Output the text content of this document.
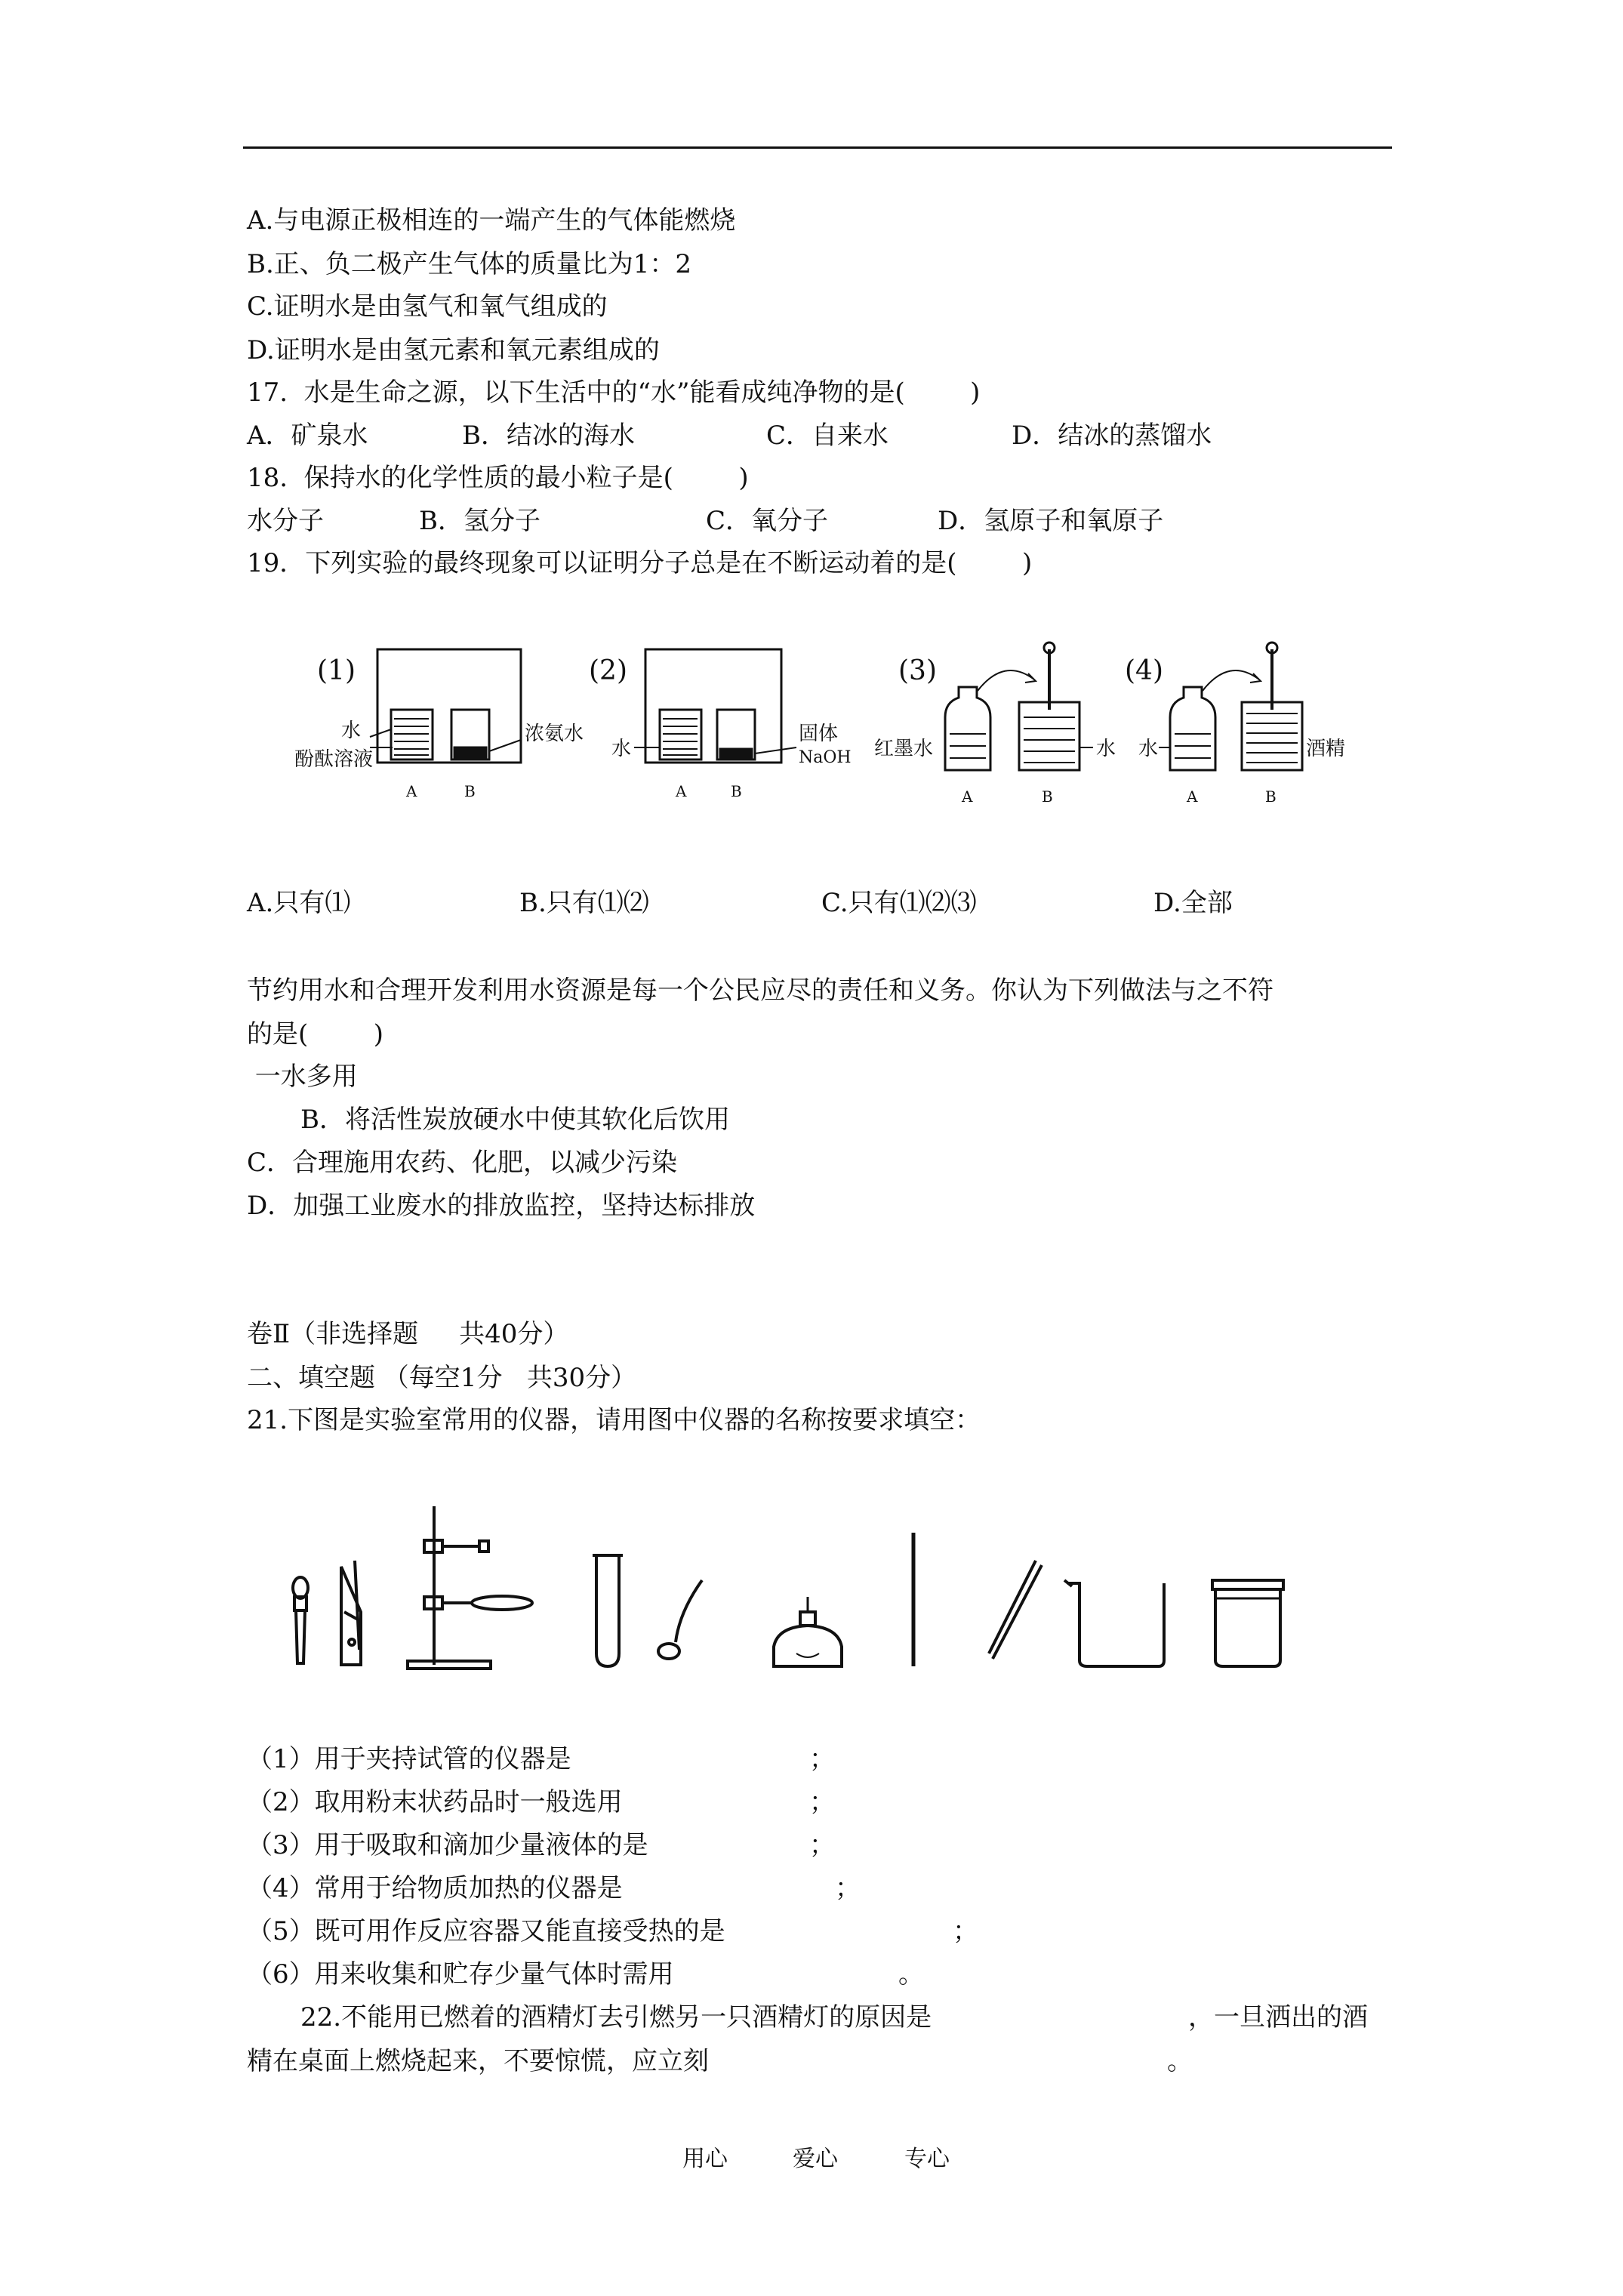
A.与电源正极相连的一端产生的气体能燃烧
B.正、负二极产生气体的质量比为1：2
C.证明水是由氢气和氧气组成的
D.证明水是由氢元素和氧元素组成的
17.  水是生命之源，以下生活中的“水”能看成纯净物的是(        )
A．矿泉水	B．结冰的海水	C．自来水	D．结冰的蒸馏水
18.  保持水的化学性质的最小粒子是(        )
水分子	B．氢分子	C．氧分子	D．氢原子和氧原子
19．下列实验的最终现象可以证明分子总是在不断运动着的是(        )
(1)
水
酚酞溶液
浓氨水
A	B
(2)
水
固体
NaOH
A	B
(3)
红墨水	水
A	B
(4)
水	酒精
A	B
A.只有⑴	B.只有⑴⑵	C.只有⑴⑵⑶	D.全部
节约用水和合理开发利用水资源是每一个公民应尽的责任和义务。你认为下列做法与之不符
的是(        )
一水多用
B．将活性炭放硬水中使其软化后饮用
C．合理施用农药、化肥，以减少污染
D．加强工业废水的排放监控，坚持达标排放
卷Ⅱ（非选择题     共40分）
二、填空题 （每空1分   共30分）
21.下图是实验室常用的仪器，请用图中仪器的名称按要求填空：
（1）用于夹持试管的仪器是	；
（2）取用粉末状药品时一般选用	；
（3）用于吸取和滴加少量液体的是	；
（4）常用于给物质加热的仪器是	；
（5）既可用作反应容器又能直接受热的是	；
（6）用来收集和贮存少量气体时需用	。
22.不能用已燃着的酒精灯去引燃另一只酒精灯的原因是	，一旦洒出的酒
精在桌面上燃烧起来，不要惊慌，应立刻	。
用心	爱心	专心
